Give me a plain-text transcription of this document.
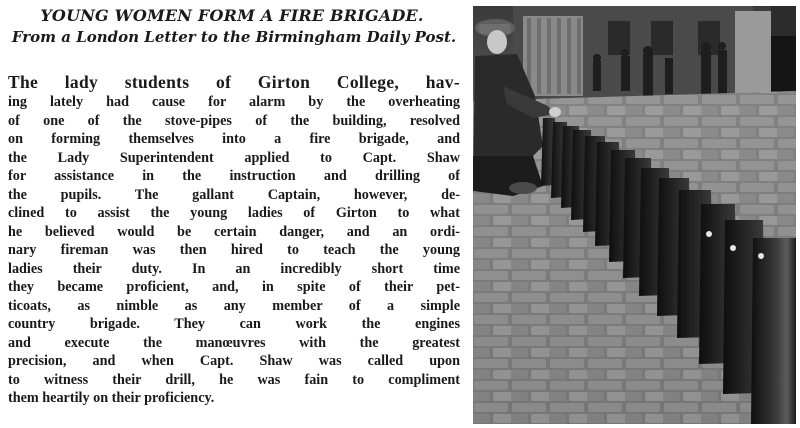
YOUNG WOMEN FORM A FIRE BRIGADE.

From a London Letter to the Birmingham Daily Post.

The lady students of Girton College, hav-
ing lately had cause for alarm by the overheating
of one of the stove-pipes of the building, resolved
on forming themselves into a fire brigade, and
the Lady Superintendent applied to Capt. Shaw
for assistance in the instruction and drilling of
the pupils. The gallant Captain, however, de-
clined to assist the young ladies of Girton to what
he believed would be certain danger, and an ordi-
nary fireman was then hired to teach the young
ladies their duty. In an incredibly short time
they became proficient, and, in spite of their pet-
ticoats, as nimble as any member of a simple
country brigade. They can work the engines
and execute the manœuvres with the greatest
precision, and when Capt. Shaw was called upon
to witness their drill, he was fain to compliment
them heartily on their proficiency.
